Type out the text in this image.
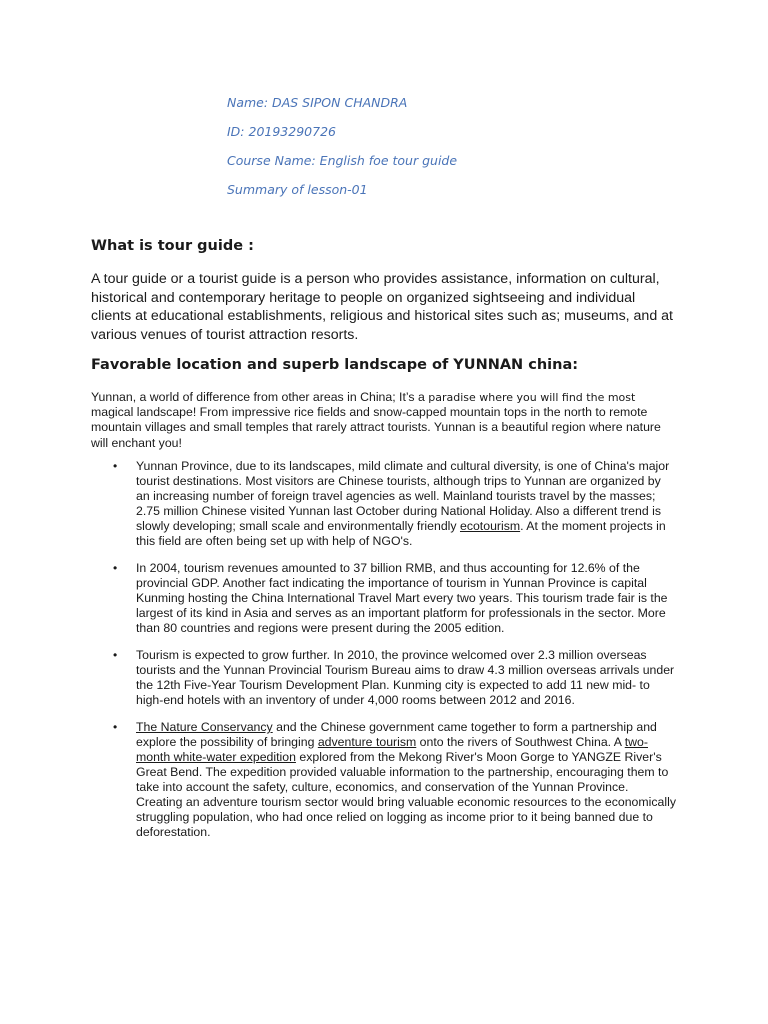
Name: DAS SIPON CHANDRA
ID: 20193290726
Course Name: English foe tour guide
Summary of lesson-01
What is tour guide :

A tour guide or a tourist guide is a person who provides assistance, information on cultural, historical and contemporary heritage to people on organized sightseeing and individual clients at educational establishments, religious and historical sites such as; museums, and at various venues of tourist attraction resorts.

Favorable location and superb landscape of YUNNAN china:

Yunnan, a world of difference from other areas in China; It’s a paradise where you will find the most magical landscape! From impressive rice fields and snow-capped mountain tops in the north to remote mountain villages and small temples that rarely attract tourists. Yunnan is a beautiful region where nature will enchant you!

• Yunnan Province, due to its landscapes, mild climate and cultural diversity, is one of China's major tourist destinations. Most visitors are Chinese tourists, although trips to Yunnan are organized by an increasing number of foreign travel agencies as well. Mainland tourists travel by the masses; 2.75 million Chinese visited Yunnan last October during National Holiday. Also a different trend is slowly developing; small scale and environmentally friendly ecotourism. At the moment projects in this field are often being set up with help of NGO's.
• In 2004, tourism revenues amounted to 37 billion RMB, and thus accounting for 12.6% of the provincial GDP. Another fact indicating the importance of tourism in Yunnan Province is capital Kunming hosting the China International Travel Mart every two years. This tourism trade fair is the largest of its kind in Asia and serves as an important platform for professionals in the sector. More than 80 countries and regions were present during the 2005 edition.
• Tourism is expected to grow further. In 2010, the province welcomed over 2.3 million overseas tourists and the Yunnan Provincial Tourism Bureau aims to draw 4.3 million overseas arrivals under the 12th Five-Year Tourism Development Plan. Kunming city is expected to add 11 new mid- to high-end hotels with an inventory of under 4,000 rooms between 2012 and 2016.
• The Nature Conservancy and the Chinese government came together to form a partnership and explore the possibility of bringing adventure tourism onto the rivers of Southwest China. A two-month white-water expedition explored from the Mekong River's Moon Gorge to YANGZE River's Great Bend. The expedition provided valuable information to the partnership, encouraging them to take into account the safety, culture, economics, and conservation of the Yunnan Province. Creating an adventure tourism sector would bring valuable economic resources to the economically struggling population, who had once relied on logging as income prior to it being banned due to deforestation.
